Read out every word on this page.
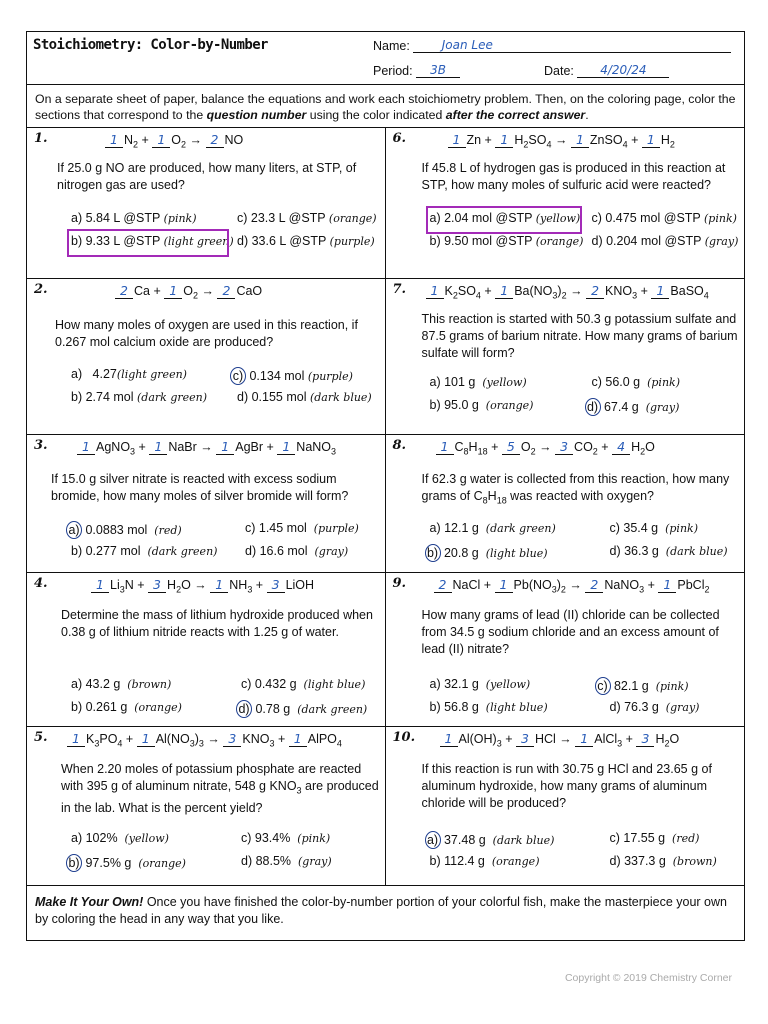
Stoichiometry: Color-by-Number	Name:	Joan Lee
Period: 3B	Date: 4/20/24
On a separate sheet of paper, balance the equations and work each stoichiometry problem. Then, on the coloring page, color the sections that correspond to the question number using the color indicated after the correct answer.
1.	1 $N_2 + 1$ $O_2 \to 2$ NO
If 25.0 g NO are produced, how many liters, at STP, of nitrogen gas are used?
a) 5.84 L @STP (pink)
b) 9.33 L @STP (light green)
c) 23.3 L @STP (orange)
d) 33.6 L @STP (purple)
6.	1 Zn + 1 $H_2SO_4 \to 1$ ZnSO$_4$ + 1 $H_2$
If 45.8 L of hydrogen gas is produced in this reaction at STP, how many moles of sulfuric acid were reacted?
a) 2.04 mol @STP (yellow)
b) 9.50 mol @STP (orange)
c) 0.475 mol @STP (pink)
d) 0.204 mol @STP (gray)
2.	2 Ca + 1 $O_2 \to 2$ CaO
How many moles of oxygen are used in this reaction, if 0.267 mol calcium oxide are produced?
a) 4.27(light green)
b) 2.74 mol (dark green)
c) 0.134 mol (purple)
d) 0.155 mol (dark blue)
7.	1 $K_2SO_4 + 1$ $Ba(NO_3)_2 \to 2$ $KNO_3 + 1$ BaSO$_4$
This reaction is started with 50.3 g potassium sulfate and 87.5 grams of barium nitrate. How many grams of barium sulfate will form?
a) 101 g (yellow)
b) 95.0 g (orange)
c) 56.0 g (pink)
d) 67.4 g (gray)
3.	1 AgNO$_3$ + 1 NaBr → 1 AgBr + 1 NaNO$_3$
If 15.0 g silver nitrate is reacted with excess sodium bromide, how many moles of silver bromide will form?
a) 0.0883 mol (red)
b) 0.277 mol (dark green)
c) 1.45 mol (purple)
d) 16.6 mol (gray)
8.	1 $C_8H_{18} + 5$ $O_2 \to 3$ $CO_2 + 4$ $H_2O$
If 62.3 g water is collected from this reaction, how many grams of $C_8H_{18}$ was reacted with oxygen?
a) 12.1 g (dark green)
b) 20.8 g (light blue)
c) 35.4 g (pink)
d) 36.3 g (dark blue)
4.	1 $Li_3N + 3$ $H_2O \to 1$ $NH_3 + 3$ LiOH
Determine the mass of lithium hydroxide produced when 0.38 g of lithium nitride reacts with 1.25 g of water.
a) 43.2 g (brown)
b) 0.261 g (orange)
c) 0.432 g (light blue)
d) 0.78 g (dark green)
9.	2 NaCl + 1 $Pb(NO_3)_2 \to 2$ NaNO$_3$ + 1 PbCl$_2$
How many grams of lead (II) chloride can be collected from 34.5 g sodium chloride and an excess amount of lead (II) nitrate?
a) 32.1 g (yellow)
b) 56.8 g (light blue)
c) 82.1 g (pink)
d) 76.3 g (gray)
5.	1 $K_3PO_4 + 1$ $Al(NO_3)_3 \to 3$ $KNO_3 + 1$ AlPO$_4$
When 2.20 moles of potassium phosphate are reacted with 395 g of aluminum nitrate, 548 g $KNO_3$ are produced in the lab. What is the percent yield?
a) 102% (yellow)
b) 97.5% g (orange)
c) 93.4% (pink)
d) 88.5% (gray)
10.	1 $Al(OH)_3 + 3$ HCl → 1 AlCl$_3$ + 3 $H_2O$
If this reaction is run with 30.75 g HCl and 23.65 g of aluminum hydroxide, how many grams of aluminum chloride will be produced?
a) 37.48 g (dark blue)
b) 112.4 g (orange)
c) 17.55 g (red)
d) 337.3 g (brown)
Make It Your Own! Once you have finished the color-by-number portion of your colorful fish, make the masterpiece your own by coloring the head in any way that you like.
Copyright © 2019 Chemistry Corner
